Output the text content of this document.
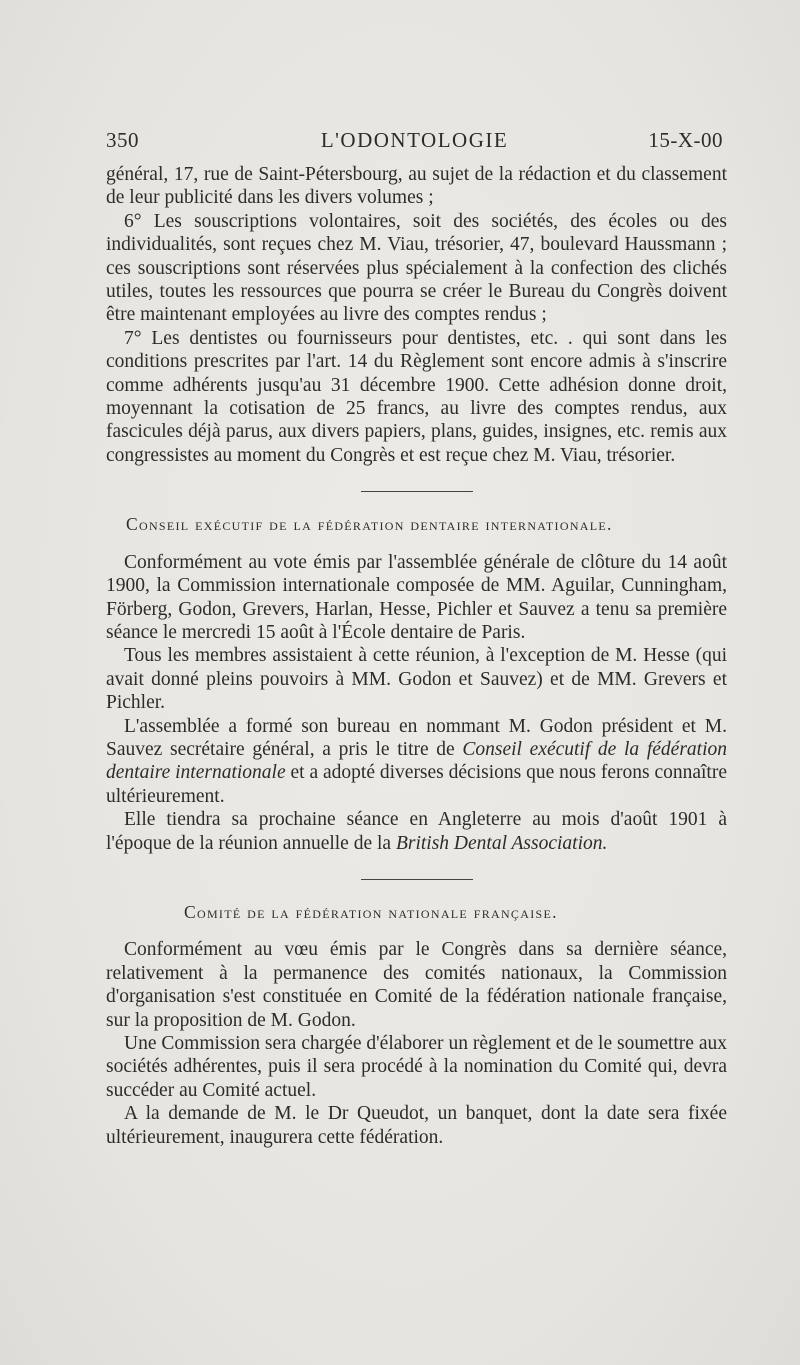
350	L'ODONTOLOGIE	15-X-00

général, 17, rue de Saint-Pétersbourg, au sujet de la rédaction et du classement de leur publicité dans les divers volumes ;

6° Les souscriptions volontaires, soit des sociétés, des écoles ou des individualités, sont reçues chez M. Viau, trésorier, 47, boulevard Haussmann ; ces souscriptions sont réservées plus spécialement à la confection des clichés utiles, toutes les ressources que pourra se créer le Bureau du Congrès doivent être maintenant employées au livre des comptes rendus ;

7° Les dentistes ou fournisseurs pour dentistes, etc. . qui sont dans les conditions prescrites par l'art. 14 du Règlement sont encore admis à s'inscrire comme adhérents jusqu'au 31 décembre 1900. Cette adhésion donne droit, moyennant la cotisation de 25 francs, au livre des comptes rendus, aux fascicules déjà parus, aux divers papiers, plans, guides, insignes, etc. remis aux congressistes au moment du Congrès et est reçue chez M. Viau, trésorier.

Conseil exécutif de la fédération dentaire internationale.

Conformément au vote émis par l'assemblée générale de clôture du 14 août 1900, la Commission internationale composée de MM. Aguilar, Cunningham, Förberg, Godon, Grevers, Harlan, Hesse, Pichler et Sauvez a tenu sa première séance le mercredi 15 août à l'École dentaire de Paris.

Tous les membres assistaient à cette réunion, à l'exception de M. Hesse (qui avait donné pleins pouvoirs à MM. Godon et Sauvez) et de MM. Grevers et Pichler.

L'assemblée a formé son bureau en nommant M. Godon président et M. Sauvez secrétaire général, a pris le titre de Conseil exécutif de la fédération dentaire internationale et a adopté diverses décisions que nous ferons connaître ultérieurement.

Elle tiendra sa prochaine séance en Angleterre au mois d'août 1901 à l'époque de la réunion annuelle de la British Dental Association.

Comité de la fédération nationale française.

Conformément au vœu émis par le Congrès dans sa dernière séance, relativement à la permanence des comités nationaux, la Commission d'organisation s'est constituée en Comité de la fédération nationale française, sur la proposition de M. Godon.

Une Commission sera chargée d'élaborer un règlement et de le soumettre aux sociétés adhérentes, puis il sera procédé à la nomination du Comité qui, devra succéder au Comité actuel.

A la demande de M. le Dr Queudot, un banquet, dont la date sera fixée ultérieurement, inaugurera cette fédération.
